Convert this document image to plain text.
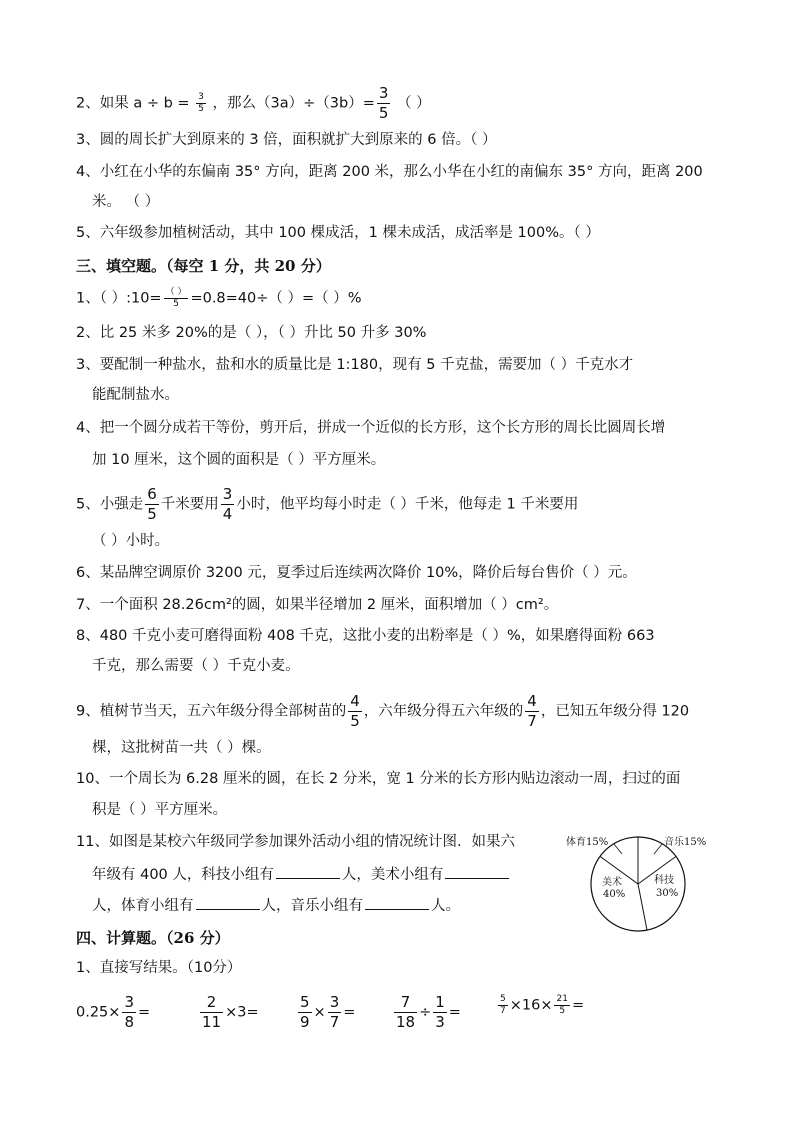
2、如果 $a \div b = \frac{3}{5}$ ，那么$(3a)\div(3b)= \frac{3}{5}$ （ ）
3、圆的周长扩大到原来的 3 倍，面积就扩大到原来的 6 倍。（ ）
4、小红在小华的东偏南 35° 方向，距离 200 米，那么小华在小红的南偏东 35° 方向，距离 200
米。 （ ）
5、六年级参加植树活动，其中 100 棵成活，1 棵未成活，成活率是 100%。（ ）
三、填空题。（每空 1 分，共 20 分）
1、（ ）:10= $\frac{( )}{5} =0.8=40\div$（ ）=（ ）%
2、比 25 米多 20%的是（ ），（ ）升比 50 升多 30%
3、要配制一种盐水，盐和水的质量比是 1:180，现有 5 千克盐，需要加（ ）千克水才
能配制盐水。
4、把一个圆分成若干等份，剪开后，拼成一个近似的长方形，这个长方形的周长比圆周长增
加 10 厘米，这个圆的面积是（ ）平方厘米。
5、小强走 $\frac{6}{5}$ 千米要用 $\frac{3}{4}$ 小时，他平均每小时走（ ）千米，他每走 1 千米要用
（ ）小时。
6、某品牌空调原价 3200 元，夏季过后连续两次降价 10%，降价后每台售价（ ）元。
7、一个面积 28.26cm²的圆，如果半径增加 2 厘米，面积增加（ ）cm²。
8、480 千克小麦可磨得面粉 408 千克，这批小麦的出粉率是（ ）%，如果磨得面粉 663
千克，那么需要（ ）千克小麦。
9、植树节当天，五六年级分得全部树苗的 $\frac{4}{5}$ ，六年级分得五六年级的 $\frac{4}{7}$ ，已知五年级分得 120
棵，这批树苗一共（ ）棵。
10、一个周长为 6.28 厘米的圆，在长 2 分米，宽 1 分米的长方形内贴边滚动一周，扫过的面
积是（ ）平方厘米。
11、如图是某校六年级同学参加课外活动小组的情况统计图．如果六
年级有 400 人，科技小组有	人，美术小组有
人，体育小组有	人，音乐小组有	人。
体育15%	音乐15%
美术
40%
科技
30%
四、计算题。（26 分）
1、直接写结果。（10分）
$0.25\times \frac{3}{8}$ =	$\frac{2}{11} \times 3=$	$\frac{5}{9} \times \frac{3}{7}$ =	$\frac{7}{18} \div \frac{1}{3}$ =	$\frac{5}{7} \times 16\times \frac{21}{5}$ =
